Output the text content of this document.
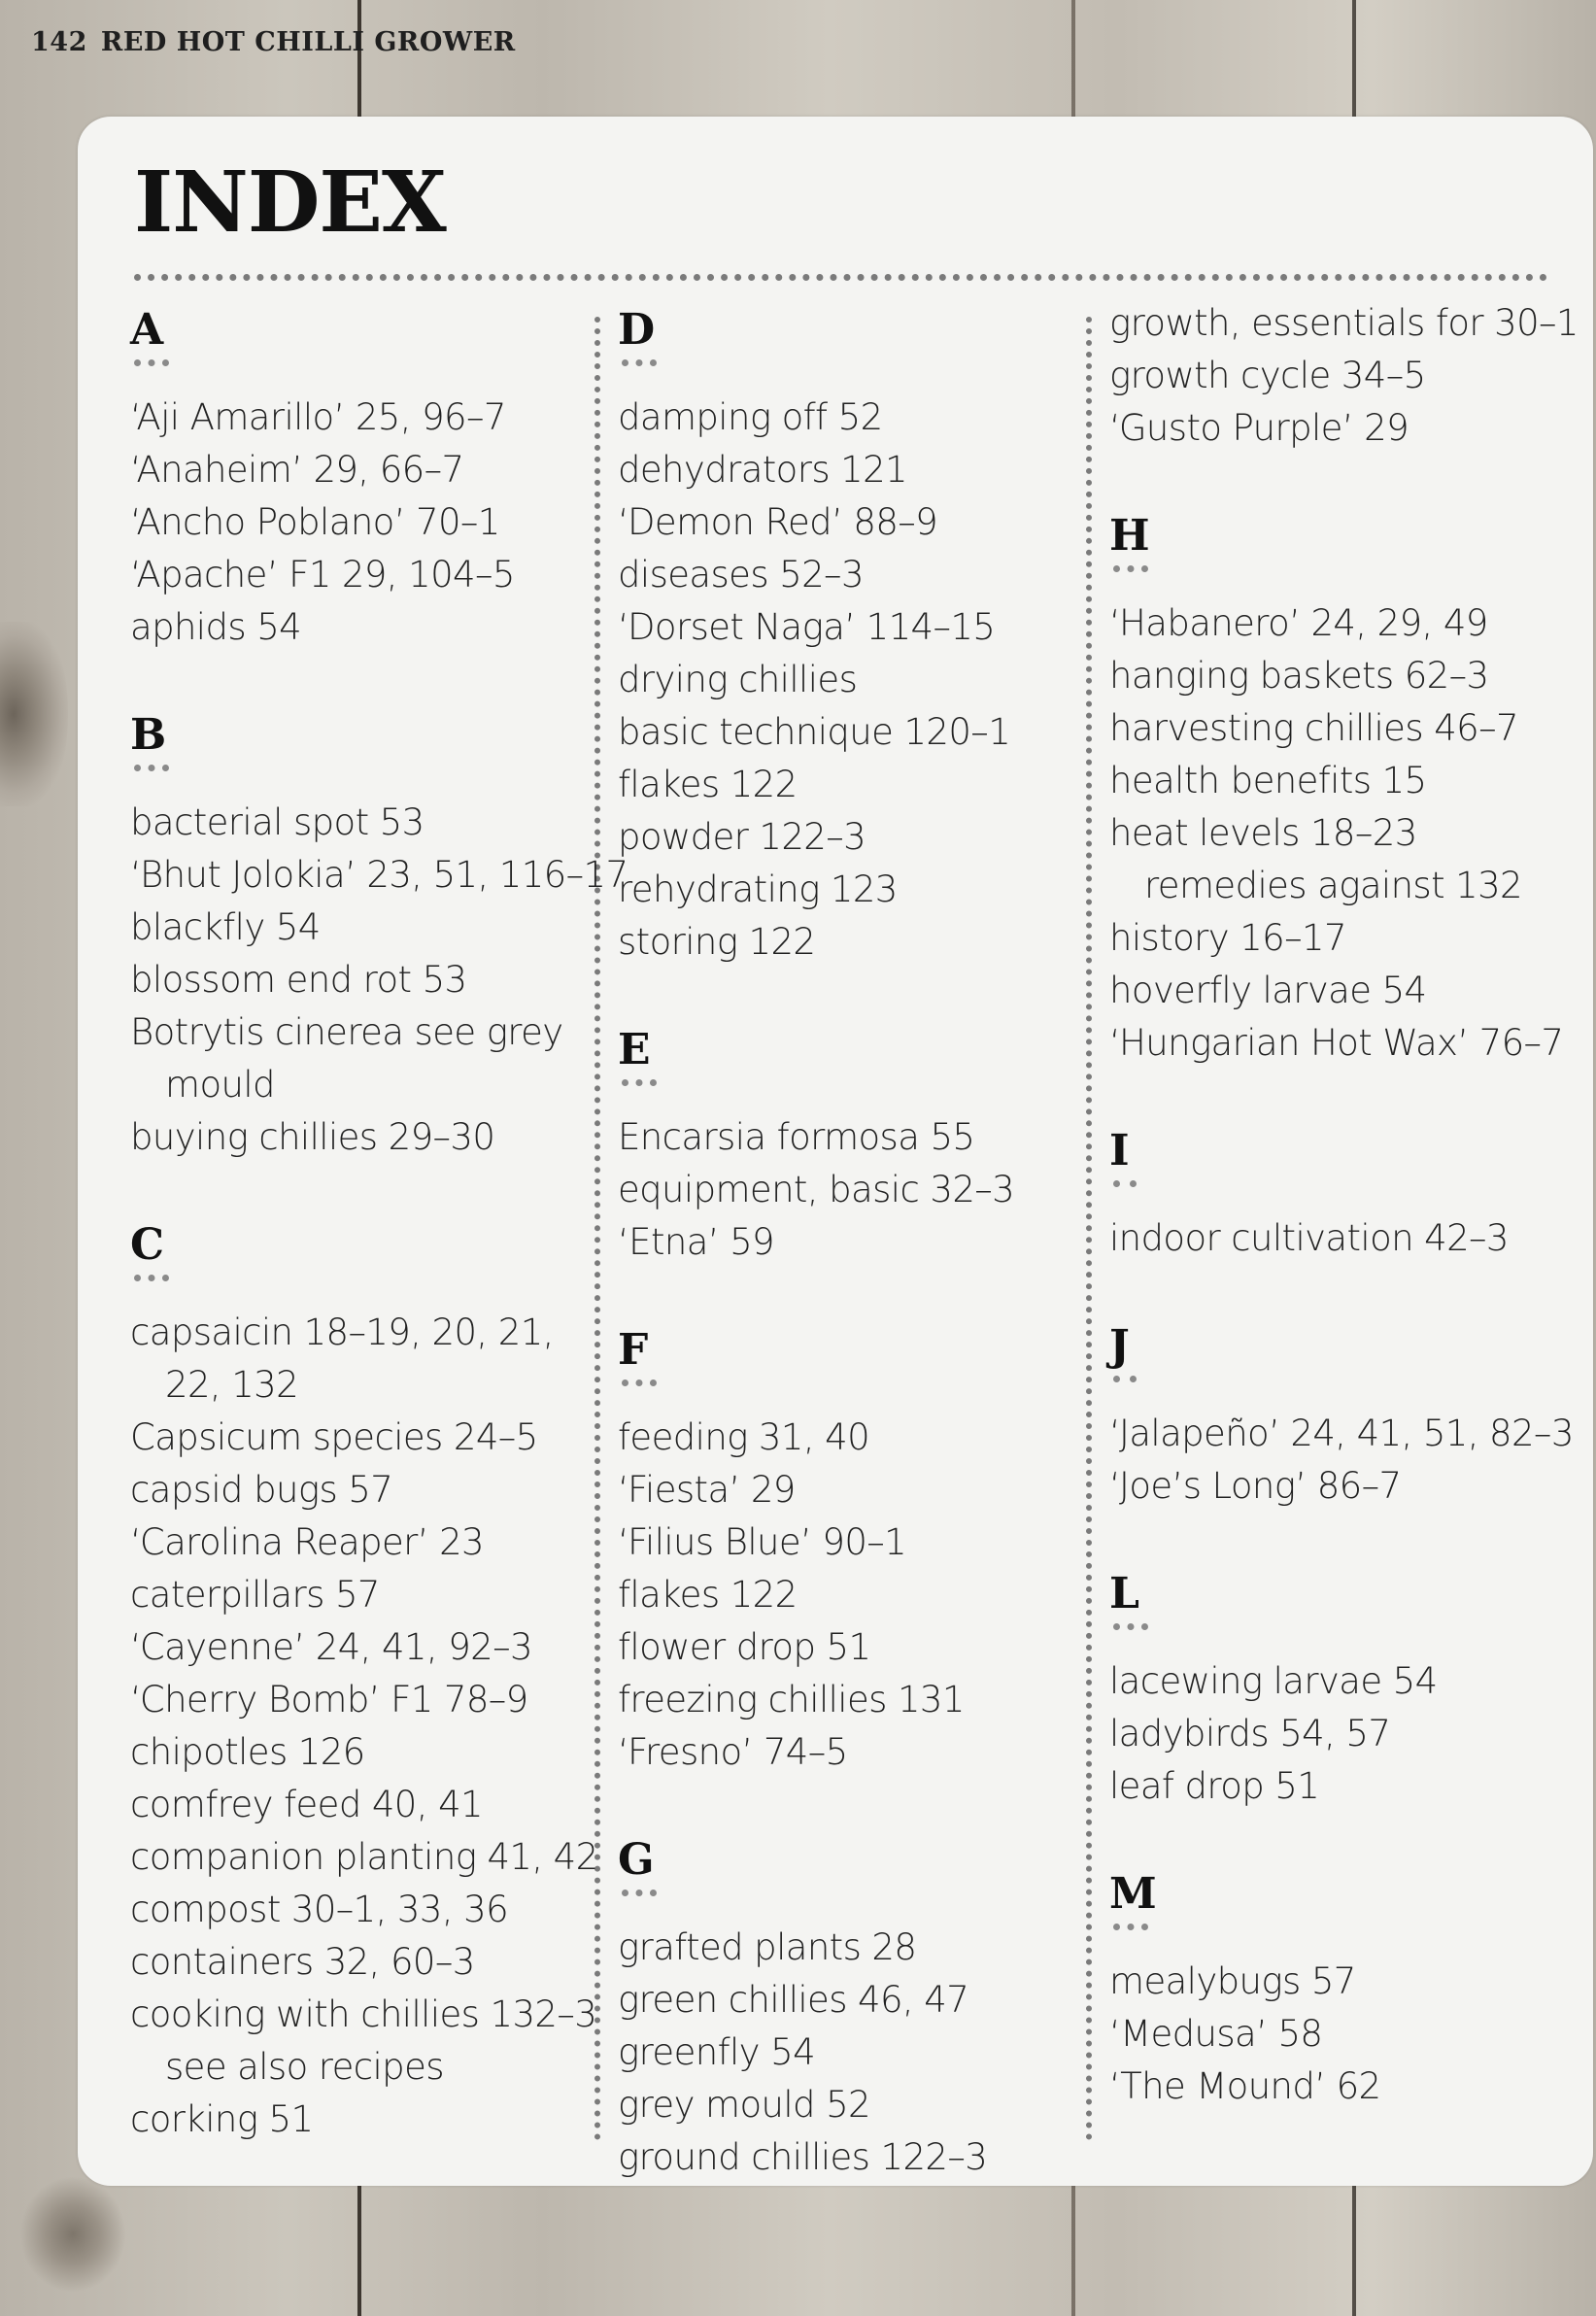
142 RED HOT CHILLI GROWER
INDEX
A
‘Aji Amarillo’ 25, 96–7
‘Anaheim’ 29, 66–7
‘Ancho Poblano’ 70–1
‘Apache’ F1 29, 104–5
aphids 54
B
bacterial spot 53
‘Bhut Jolokia’ 23, 51, 116–17
blackfly 54
blossom end rot 53
Botrytis cinerea see grey
mould
buying chillies 29–30
C
capsaicin 18–19, 20, 21,
22, 132
Capsicum species 24–5
capsid bugs 57
‘Carolina Reaper’ 23
caterpillars 57
‘Cayenne’ 24, 41, 92–3
‘Cherry Bomb’ F1 78–9
chipotles 126
comfrey feed 40, 41
companion planting 41, 42
compost 30–1, 33, 36
containers 32, 60–3
cooking with chillies 132–3
see also recipes
corking 51
D
damping off 52
dehydrators 121
‘Demon Red’ 88–9
diseases 52–3
‘Dorset Naga’ 114–15
drying chillies
basic technique 120–1
flakes 122
powder 122–3
rehydrating 123
storing 122
E
Encarsia formosa 55
equipment, basic 32–3
‘Etna’ 59
F
feeding 31, 40
‘Fiesta’ 29
‘Filius Blue’ 90–1
flakes 122
flower drop 51
freezing chillies 131
‘Fresno’ 74–5
G
grafted plants 28
green chillies 46, 47
greenfly 54
grey mould 52
ground chillies 122–3
growth, essentials for 30–1
growth cycle 34–5
‘Gusto Purple’ 29
H
‘Habanero’ 24, 29, 49
hanging baskets 62–3
harvesting chillies 46–7
health benefits 15
heat levels 18–23
remedies against 132
history 16–17
hoverfly larvae 54
‘Hungarian Hot Wax’ 76–7
I
indoor cultivation 42–3
J
‘Jalapeño’ 24, 41, 51, 82–3
‘Joe’s Long’ 86–7
L
lacewing larvae 54
ladybirds 54, 57
leaf drop 51
M
mealybugs 57
‘Medusa’ 58
‘The Mound’ 62
